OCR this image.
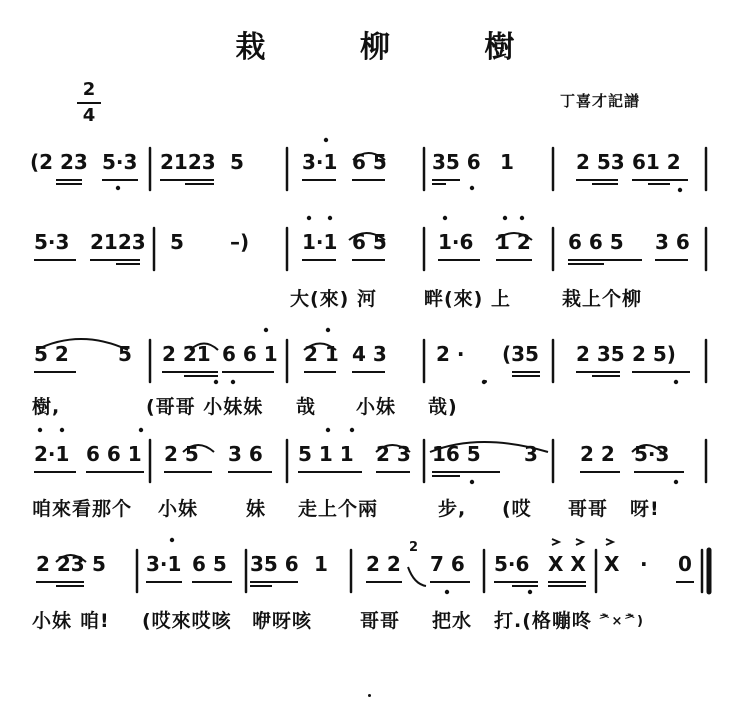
栽 柳 樹
丁喜才記譜
2
4
(2 23 5·3 2123 5	3·1 6 5 35 6 1	2 53 61 2
5·3 2123 5 –)	1·1 6 5	1·6 1 2 6 6 5 3 6
5 2 5 2 21 6 6 1 2 1 4 3 2 · (35 2 35 2 5)
2·1 6 6 1 2 5 3 6 5 1 1 2 3 16 5 3 2 2 5·3
2 23 5 3·1 6 5 35 6 1 2 2
2
7 6 5·6 X X X · 0
大(來) 河 畔(來) 上	栽上个柳
樹,	(哥哥 小妹妹 哉 小妹 哉)
咱來看那个 小妹	妹 走上个兩	步, (哎 哥哥 呀!
小妹 咱! (哎來哎咳 咿呀咳	哥哥 把水 打.(格嘣咚 ᅔ×ᅔ)
